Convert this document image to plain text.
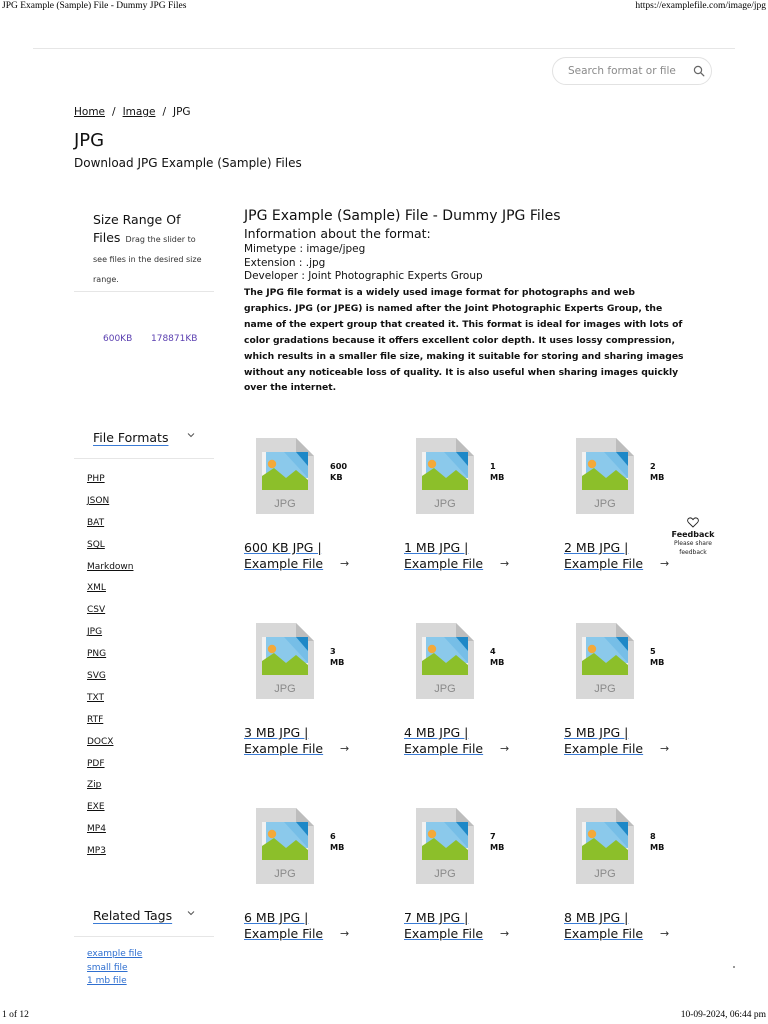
JPG Example (Sample) File - Dummy JPG Files	https://examplefile.com/image/jpg
Search format or file
Home / Image / JPG
JPG
Download JPG Example (Sample) Files
Size Range Of Files Drag the slider to see files in the desired size range.
600KB 178871KB
File Formats
PHP
JSON
BAT
SQL
Markdown
XML
CSV
JPG
PNG
SVG
TXT
RTF
DOCX
PDF
Zip
EXE
MP4
MP3
Related Tags
example file
small file
1 mb file
JPG Example (Sample) File - Dummy JPG Files
Information about the format:
Mimetype : image/jpeg
Extension : .jpg
Developer : Joint Photographic Experts Group
The JPG file format is a widely used image format for photographs and web graphics. JPG (or JPEG) is named after the Joint Photographic Experts Group, the name of the expert group that created it. This format is ideal for images with lots of color gradations because it offers excellent color depth. It uses lossy compression, which results in a smaller file size, making it suitable for storing and sharing images without any noticeable loss of quality. It is also useful when sharing images quickly over the internet.
JPG
600
KB
600 KB JPG | Example File	→
JPG
1
MB
1 MB JPG | Example File	→
JPG
2
MB
2 MB JPG | Example File	→
JPG
3
MB
3 MB JPG | Example File	→
JPG
4
MB
4 MB JPG | Example File	→
JPG
5
MB
5 MB JPG | Example File	→
JPG
6
MB
6 MB JPG | Example File	→
JPG
7
MB
7 MB JPG | Example File	→
JPG
8
MB
8 MB JPG | Example File	→
Feedback
Please share feedback
1 of 12	10-09-2024, 06:44 pm
